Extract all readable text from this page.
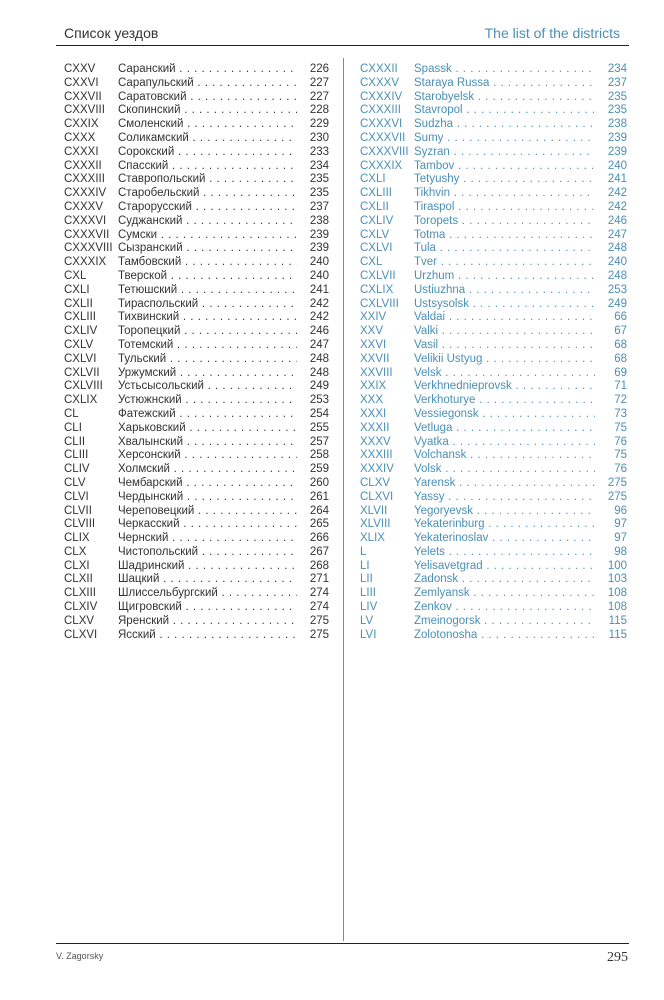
Список уездов	The list of the districts
CXXV	Саранский . . .	226
CXXVI	Сарапульский . . .	227
CXXVII	Саратовский . . .	227
CXXVIII	Скопинский . . .	228
CXXIX	Смоленский . . .	229
CXXX	Соликамский . . .	230
CXXXI	Сорокский . . .	233
CXXXII	Спасский . . .	234
CXXXIII	Ставропольский . . .	235
CXXXIV	Старобельский . . .	235
CXXXV	Старорусский . . .	237
CXXXVI	Суджанский . . .	238
CXXXVII Сумски . . .	239
CXXXVIII Сызранский . . .	239
CXXXIX	Тамбовский . . .	240
CXL	Тверской . . .	240
CXLI	Тетюшский . . .	241
CXLII	Тираспольский . . .	242
CXLIII	Тихвинский . . .	242
CXLIV	Торопецкий . . .	246
CXLV	Тотемский . . .	247
CXLVI	Тульский . . .	248
CXLVII	Уржумский . . .	248
CXLVIII	Устьсысольский . . .	249
CXLIX	Устюжнский . . .	253
CL	Фатежский . . .	254
CLI	Харьковский . . .	255
CLII	Хвалынский . . .	257
CLIII	Херсонский . . .	258
CLIV	Холмский . . .	259
CLV	Чембарский . . .	260
CLVI	Чердынский . . .	261
CLVII	Череповецкий . . .	264
CLVIII	Черкасский . . .	265
CLIX	Чернский . . .	266
CLX	Чистопольский . . .	267
CLXI	Шадринский . . .	268
CLXII	Шацкий . . .	271
CLXIII	Шлиссельбургский . . .	274
CLXIV	Щигровский . . .	274
CLXV	Яренский . . .	275
CLXVI	Ясский . . .	275
CXXXII	Spassk . . .	234
CXXXV	Staraya Russa . . .	237
CXXXIV	Starobyelsk . . .	235
CXXXIII	Stavropol . . .	235
CXXXVI	Sudzha . . .	238
CXXXVII Sumy . . .	239
CXXXVIII Syzran . . .	239
CXXXIX	Tambov . . .	240
CXLI	Tetyushy . . .	241
CXLIII	Tikhvin . . .	242
CXLII	Tiraspol . . .	242
CXLIV	Toropets . . .	246
CXLV	Totma . . .	247
CXLVI	Tula . . .	248
CXL	Tver . . .	240
CXLVII	Urzhum . . .	248
CXLIX	Ustiuzhna . . .	253
CXLVIII	Ustsysolsk . . .	249
XXIV	Valdai . . .	66
XXV	Valki . . .	67
XXVI	Vasil . . .	68
XXVII	Velikii Ustyug . . .	68
XXVIII	Velsk . . .	69
XXIX	Verkhnedniepr​ovsk . . .	71
XXX	Verkhoturye . . .	72
XXXI	Vessiegonsk . . .	73
XXXII	Vetluga . . .	75
XXXV	Vyatka . . .	76
XXXIII	Volchansk . . .	75
XXXIV	Volsk . . .	76
CLXV	Yarensk . . .	275
CLXVI	Yassy . . .	275
XLVII	Yegoryevsk . . .	96
XLVIII	Yekaterinburg . . .	97
XLIX	Yekaterinoslav . . .	97
L	Yelets . . .	98
LI	Yelisavetgrad . . .	100
LII	Zadonsk . . .	103
LIII	Zemlyansk . . .	108
LIV	Zenkov . . .	108
LV	Zmeinogorsk . . .	115
LVI	Zolotonosha . . .	115
V. Zagorsky	295
